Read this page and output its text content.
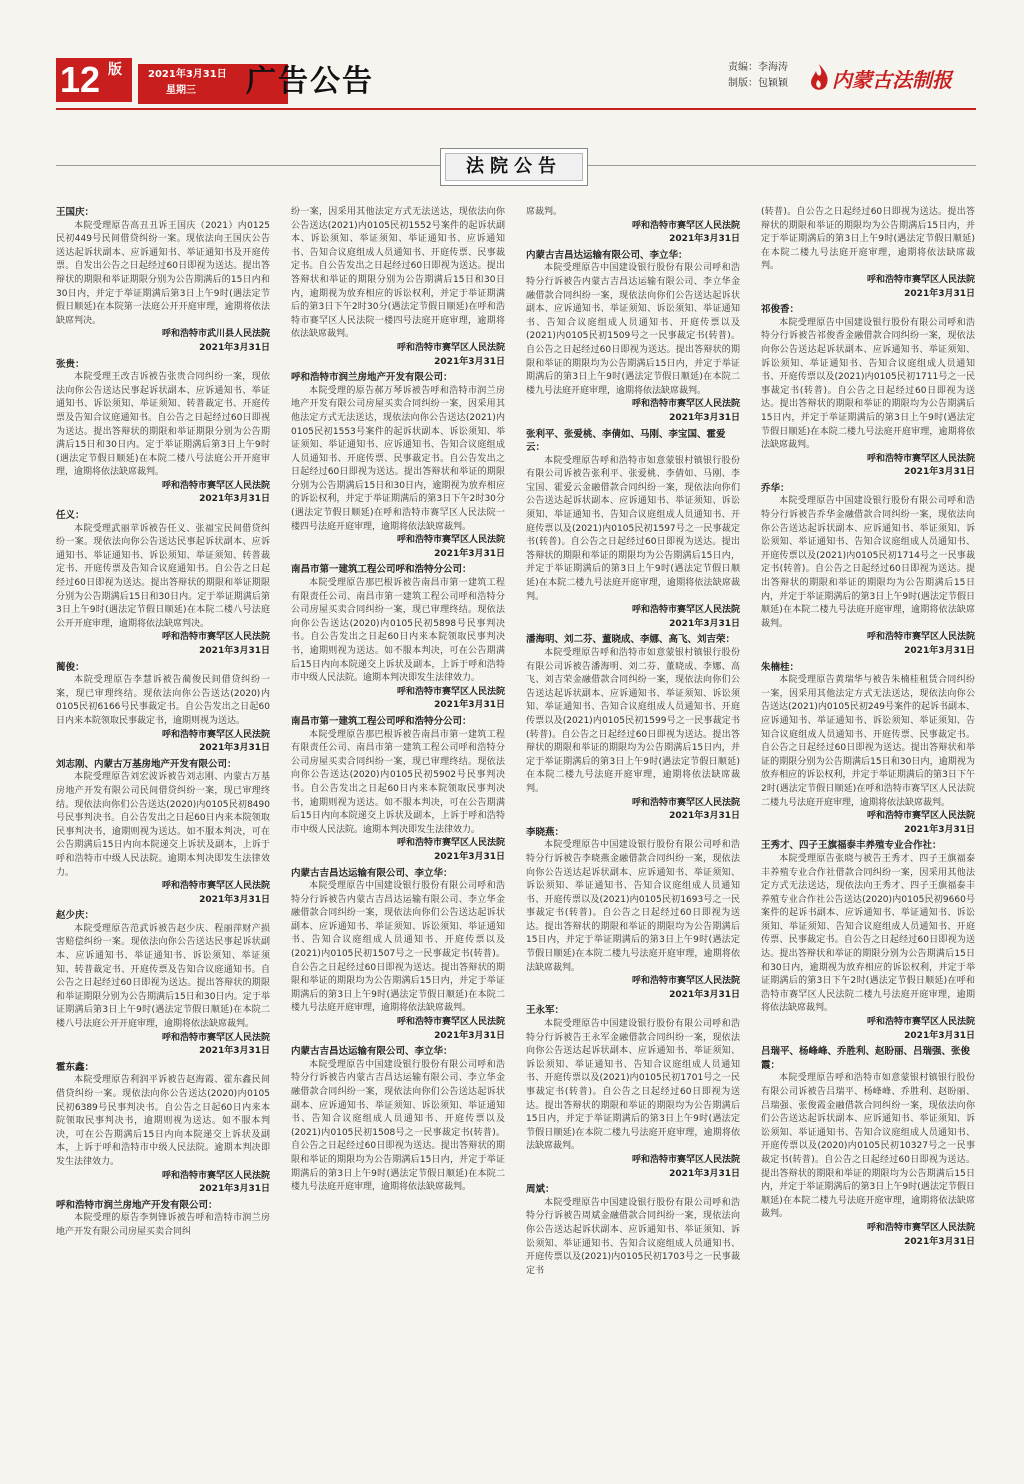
12 版	2021年3月31日
星期三 广告公告	责编：李海涛
制版：包颖颖 内蒙古法制报
法院公告

王国庆：

本院受理原告高丑丑诉王国庆（2021）内0125民初449号民间借贷纠纷一案。现依法向王国庆公告送达起诉状副本、应诉通知书、举证通知书及开庭传票。自发出公告之日起经过60日即视为送达。提出答辩状的期限和举证期限分别为公告期满后的15日内和30日内，并定于举证期满后第3日上午9时(遇法定节假日顺延)在本院第一法庭公开开庭审理，逾期将依法缺席判决。

呼和浩特市武川县人民法院

2021年3月31日

张贵：

本院受理王改吉诉被告张贵合同纠纷一案，现依法向你公告送达民事起诉状副本、应诉通知书、举证通知书、诉讼须知、举证须知、转普裁定书、开庭传票及告知合议庭通知书。自公告之日起经过60日即视为送达。提出答辩状的期限和举证期限分别为公告期满后15日和30日内。定于举证期满后第3日上午9时(遇法定节假日顺延)在本院二楼八号法庭公开开庭审理，逾期将依法缺席裁判。

呼和浩特市赛罕区人民法院

2021年3月31日

任义：

本院受理武丽苹诉被告任义、张福宝民间借贷纠纷一案。现依法向你公告送达民事起诉状副本、应诉通知书、举证通知书、诉讼须知、举证须知、转普裁定书、开庭传票及告知合议庭通知书。自公告之日起经过60日即视为送达。提出答辩状的期限和举证期限分别为公告期满后15日和30日内。定于举证期满后第3日上午9时(遇法定节假日顺延)在本院二楼八号法庭公开开庭审理，逾期将依法缺席判决。

呼和浩特市赛罕区人民法院

2021年3月31日

蔺俊：

本院受理原告李慧诉被告蔺俊民间借贷纠纷一案，现已审理终结。现依法向你公告送达(2020)内0105民初6166号民事裁定书。自公告发出之日起60日内来本院领取民事裁定书，逾期则视为送达。

呼和浩特市赛罕区人民法院

2021年3月31日

刘志刚、内蒙古万基房地产开发有限公司：

本院受理原告刘宏波诉被告刘志刚、内蒙古万基房地产开发有限公司民间借贷纠纷一案，现已审理终结。现依法向你们公告送达(2020)内0105民初8490号民事判决书。自公告发出之日起60日内来本院领取民事判决书，逾期则视为送达。如不服本判决，可在公告期满后15日内向本院递交上诉状及副本，上诉于呼和浩特市中级人民法院。逾期本判决即发生法律效力。

呼和浩特市赛罕区人民法院

2021年3月31日

赵少庆：

本院受理原告范武诉被告赵少庆、程丽萍财产损害赔偿纠纷一案。现依法向你公告送达民事起诉状副本、应诉通知书、举证通知书、诉讼须知、举证须知、转普裁定书、开庭传票及告知合议庭通知书。自公告之日起经过60日即视为送达。提出答辩状的期限和举证期限分别为公告期满后15日和30日内。定于举证期满后第3日上午9时(遇法定节假日顺延)在本院二楼八号法庭公开开庭审理，逾期将依法缺席裁判。

呼和浩特市赛罕区人民法院

2021年3月31日

霍东鑫：

本院受理原告利润平诉被告赵海霞、霍东鑫民间借贷纠纷一案。现依法向你公告送达(2020)内0105民初6389号民事判决书。自公告之日起60日内来本院领取民事判决书，逾期则视为送达。如不服本判决，可在公告期满后15日内向本院递交上诉状及副本，上诉于呼和浩特市中级人民法院。逾期本判决即发生法律效力。

呼和浩特市赛罕区人民法院

2021年3月31日

呼和浩特市润兰房地产开发有限公司：

本院受理的原告李刿锋诉被告呼和浩特市润兰房地产开发有限公司房屋买卖合同纠

纷一案，因采用其他法定方式无法送达，现依法向你公告送达(2021)内0105民初1552号案件的起诉状副本、诉讼须知、举证须知、举证通知书、应诉通知书、告知合议庭组成人员通知书、开庭传票、民事裁定书。自公告发出之日起经过60日即视为送达。提出答辩状和举证的期限分别为公告期满后15日和30日内，逾期视为放弃相应的诉讼权利，并定于举证期满后的第3日下午2时30分(遇法定节假日顺延)在呼和浩特市赛罕区人民法院一楼四号法庭开庭审理，逾期将依法缺席裁判。

呼和浩特市赛罕区人民法院

2021年3月31日

呼和浩特市润兰房地产开发有限公司：

本院受理的原告郝万琴诉被告呼和浩特市润兰房地产开发有限公司房屋买卖合同纠纷一案，因采用其他法定方式无法送达，现依法向你公告送达(2021)内0105民初1553号案件的起诉状副本、诉讼须知、举证须知、举证通知书、应诉通知书、告知合议庭组成人员通知书、开庭传票、民事裁定书。自公告发出之日起经过60日即视为送达。提出答辩状和举证的期限分别为公告期满后15日和30日内，逾期视为放弃相应的诉讼权利，并定于举证期满后的第3日下午2时30分(遇法定节假日顺延)在呼和浩特市赛罕区人民法院一楼四号法庭开庭审理，逾期将依法缺席裁判。

呼和浩特市赛罕区人民法院

2021年3月31日

南昌市第一建筑工程公司呼和浩特分公司：

本院受理原告那巴根诉被告南昌市第一建筑工程有限责任公司、南昌市第一建筑工程公司呼和浩特分公司房屋买卖合同纠纷一案，现已审理终结。现依法向你公告送达(2020)内0105民初5898号民事判决书。自公告发出之日起60日内来本院领取民事判决书，逾期则视为送达。如不服本判决，可在公告期满后15日内向本院递交上诉状及副本，上诉于呼和浩特市中级人民法院。逾期本判决即发生法律效力。

呼和浩特市赛罕区人民法院

2021年3月31日

南昌市第一建筑工程公司呼和浩特分公司：

本院受理原告那巴根诉被告南昌市第一建筑工程有限责任公司、南昌市第一建筑工程公司呼和浩特分公司房屋买卖合同纠纷一案，现已审理终结。现依法向你公告送达(2020)内0105民初5902号民事判决书。自公告发出之日起60日内来本院领取民事判决书，逾期则视为送达。如不服本判决，可在公告期满后15日内向本院递交上诉状及副本，上诉于呼和浩特市中级人民法院。逾期本判决即发生法律效力。

呼和浩特市赛罕区人民法院

2021年3月31日

内蒙古吉昌达运输有限公司、李立华：

本院受理原告中国建设银行股份有限公司呼和浩特分行诉被告内蒙古吉昌达运输有限公司、李立华金融借款合同纠纷一案，现依法向你们公告送达起诉状副本、应诉通知书、举证须知、诉讼须知、举证通知书、告知合议庭组成人员通知书、开庭传票以及(2021)内0105民初1507号之一民事裁定书(转普)。自公告之日起经过60日即视为送达。提出答辩状的期限和举证的期限均为公告期满后15日内，并定于举证期满后的第3日上午9时(遇法定节假日顺延)在本院二楼九号法庭开庭审理，逾期将依法缺席裁判。

呼和浩特市赛罕区人民法院

2021年3月31日

内蒙古吉昌达运输有限公司、李立华：

本院受理原告中国建设银行股份有限公司呼和浩特分行诉被告内蒙古吉昌达运输有限公司、李立华金融借款合同纠纷一案，现依法向你们公告送达起诉状副本、应诉通知书、举证须知、诉讼须知、举证通知书、告知合议庭组成人员通知书、开庭传票以及(2021)内0105民初1508号之一民事裁定书(转普)。自公告之日起经过60日即视为送达。提出答辩状的期限和举证的期限均为公告期满后15日内，并定于举证期满后的第3日上午9时(遇法定节假日顺延)在本院二楼九号法庭开庭审理，逾期将依法缺席裁判。

席裁判。

呼和浩特市赛罕区人民法院

2021年3月31日

内蒙古吉昌达运输有限公司、李立华：

本院受理原告中国建设银行股份有限公司呼和浩特分行诉被告内蒙古吉昌达运输有限公司、李立华金融借款合同纠纷一案，现依法向你们公告送达起诉状副本、应诉通知书、举证须知、诉讼须知、举证通知书、告知合议庭组成人员通知书、开庭传票以及(2021)内0105民初1509号之一民事裁定书(转普)。自公告之日起经过60日即视为送达。提出答辩状的期限和举证的期限均为公告期满后15日内，并定于举证期满后的第3日上午9时(遇法定节假日顺延)在本院二楼九号法庭开庭审理，逾期将依法缺席裁判。

呼和浩特市赛罕区人民法院

2021年3月31日

张利平、张爱桃、李倩如、马刚、李宝国、霍爱云：

本院受理原告呼和浩特市如意蒙银村镇银行股份有限公司诉被告张利平、张爱桃、李倩如、马刚、李宝国、霍爱云金融借款合同纠纷一案，现依法向你们公告送达起诉状副本、应诉通知书、举证须知、诉讼须知、举证通知书、告知合议庭组成人员通知书、开庭传票以及(2021)内0105民初1597号之一民事裁定书(转普)。自公告之日起经过60日即视为送达。提出答辩状的期限和举证的期限均为公告期满后15日内，并定于举证期满后的第3日上午9时(遇法定节假日顺延)在本院二楼九号法庭开庭审理，逾期将依法缺席裁判。

呼和浩特市赛罕区人民法院

2021年3月31日

潘海明、刘二芬、董晓成、李娜、高飞、刘吉荣：

本院受理原告呼和浩特市如意蒙银村镇银行股份有限公司诉被告潘海明、刘二芬、董晓成、李娜、高飞、刘吉荣金融借款合同纠纷一案，现依法向你们公告送达起诉状副本、应诉通知书、举证须知、诉讼须知、举证通知书、告知合议庭组成人员通知书、开庭传票以及(2021)内0105民初1599号之一民事裁定书(转普)。自公告之日起经过60日即视为送达。提出答辩状的期限和举证的期限均为公告期满后15日内，并定于举证期满后的第3日上午9时(遇法定节假日顺延)在本院二楼九号法庭开庭审理，逾期将依法缺席裁判。

呼和浩特市赛罕区人民法院

2021年3月31日

李晓燕：

本院受理原告中国建设银行股份有限公司呼和浩特分行诉被告李晓燕金融借款合同纠纷一案，现依法向你公告送达起诉状副本、应诉通知书、举证须知、诉讼须知、举证通知书、告知合议庭组成人员通知书、开庭传票以及(2021)内0105民初1693号之一民事裁定书(转普)。自公告之日起经过60日即视为送达。提出答辩状的期限和举证的期限均为公告期满后15日内，并定于举证期满后的第3日上午9时(遇法定节假日顺延)在本院二楼九号法庭开庭审理，逾期将依法缺席裁判。

呼和浩特市赛罕区人民法院

2021年3月31日

王永军：

本院受理原告中国建设银行股份有限公司呼和浩特分行诉被告王永军金融借款合同纠纷一案，现依法向你公告送达起诉状副本、应诉通知书、举证须知、诉讼须知、举证通知书、告知合议庭组成人员通知书、开庭传票以及(2021)内0105民初1701号之一民事裁定书(转普)。自公告之日起经过60日即视为送达。提出答辩状的期限和举证的期限均为公告期满后15日内，并定于举证期满后的第3日上午9时(遇法定节假日顺延)在本院二楼九号法庭开庭审理，逾期将依法缺席裁判。

呼和浩特市赛罕区人民法院

2021年3月31日

周斌：

本院受理原告中国建设银行股份有限公司呼和浩特分行诉被告周斌金融借款合同纠纷一案，现依法向你公告送达起诉状副本、应诉通知书、举证须知、诉讼须知、举证通知书、告知合议庭组成人员通知书、开庭传票以及(2021)内0105民初1703号之一民事裁定书

(转普)。自公告之日起经过60日即视为送达。提出答辩状的期限和举证的期限均为公告期满后15日内，并定于举证期满后的第3日上午9时(遇法定节假日顺延)在本院二楼九号法庭开庭审理，逾期将依法缺席裁判。

呼和浩特市赛罕区人民法院

2021年3月31日

祁俊香：

本院受理原告中国建设银行股份有限公司呼和浩特分行诉被告祁俊香金融借款合同纠纷一案，现依法向你公告送达起诉状副本、应诉通知书、举证须知、诉讼须知、举证通知书、告知合议庭组成人员通知书、开庭传票以及(2021)内0105民初1711号之一民事裁定书(转普)。自公告之日起经过60日即视为送达。提出答辩状的期限和举证的期限均为公告期满后15日内，并定于举证期满后的第3日上午9时(遇法定节假日顺延)在本院二楼九号法庭开庭审理，逾期将依法缺席裁判。

呼和浩特市赛罕区人民法院

2021年3月31日

乔华：

本院受理原告中国建设银行股份有限公司呼和浩特分行诉被告乔华金融借款合同纠纷一案，现依法向你公告送达起诉状副本、应诉通知书、举证须知、诉讼须知、举证通知书、告知合议庭组成人员通知书、开庭传票以及(2021)内0105民初1714号之一民事裁定书(转普)。自公告之日起经过60日即视为送达。提出答辩状的期限和举证的期限均为公告期满后15日内，并定于举证期满后的第3日上午9时(遇法定节假日顺延)在本院二楼九号法庭开庭审理，逾期将依法缺席裁判。

呼和浩特市赛罕区人民法院

2021年3月31日

朱楠桂：

本院受理原告黄瑞华与被告朱楠桂租赁合同纠纷一案，因采用其他法定方式无法送达，现依法向你公告送达(2021)内0105民初249号案件的起诉书副本、应诉通知书、举证通知书、诉讼须知、举证须知、告知合议庭组成人员通知书、开庭传票、民事裁定书。自公告之日起经过60日即视为送达。提出答辩状和举证的期限分别为公告期满后15日和30日内，逾期视为放弃相应的诉讼权利，并定于举证期满后的第3日下午2时(遇法定节假日顺延)在呼和浩特市赛罕区人民法院二楼九号法庭开庭审理，逾期将依法缺席裁判。

呼和浩特市赛罕区人民法院

2021年3月31日

王秀才、四子王旗福泰丰养殖专业合作社：

本院受理原告张晓与被告王秀才、四子王旗福泰丰养殖专业合作社借款合同纠纷一案，因采用其他法定方式无法送达，现依法向王秀才、四子王旗福泰丰养殖专业合作社公告送达(2020)内0105民初9660号案件的起诉书副本、应诉通知书、举证通知书、诉讼须知、举证须知、告知合议庭组成人员通知书、开庭传票、民事裁定书。自公告之日起经过60日即视为送达。提出答辩状和举证的期限分别为公告期满后15日和30日内，逾期视为放弃相应的诉讼权利，并定于举证期满后的第3日下午2时(遇法定节假日顺延)在呼和浩特市赛罕区人民法院二楼九号法庭开庭审理，逾期将依法缺席裁判。

呼和浩特市赛罕区人民法院

2021年3月31日

吕瑞平、杨峰峰、乔胜利、赵盼丽、吕瑞强、张俊霞：

本院受理原告呼和浩特市如意蒙银村镇银行股份有限公司诉被告吕瑞平、杨峰峰、乔胜利、赵盼丽、吕瑞强、张俊霞金融借款合同纠纷一案，现依法向你们公告送达起诉状副本、应诉通知书、举证须知、诉讼须知、举证通知书、告知合议庭组成人员通知书、开庭传票以及(2020)内0105民初10327号之一民事裁定书(转普)。自公告之日起经过60日即视为送达。提出答辩状的期限和举证的期限均为公告期满后15日内，并定于举证期满后的第3日上午9时(遇法定节假日顺延)在本院二楼九号法庭开庭审理，逾期将依法缺席裁判。

呼和浩特市赛罕区人民法院

2021年3月31日
